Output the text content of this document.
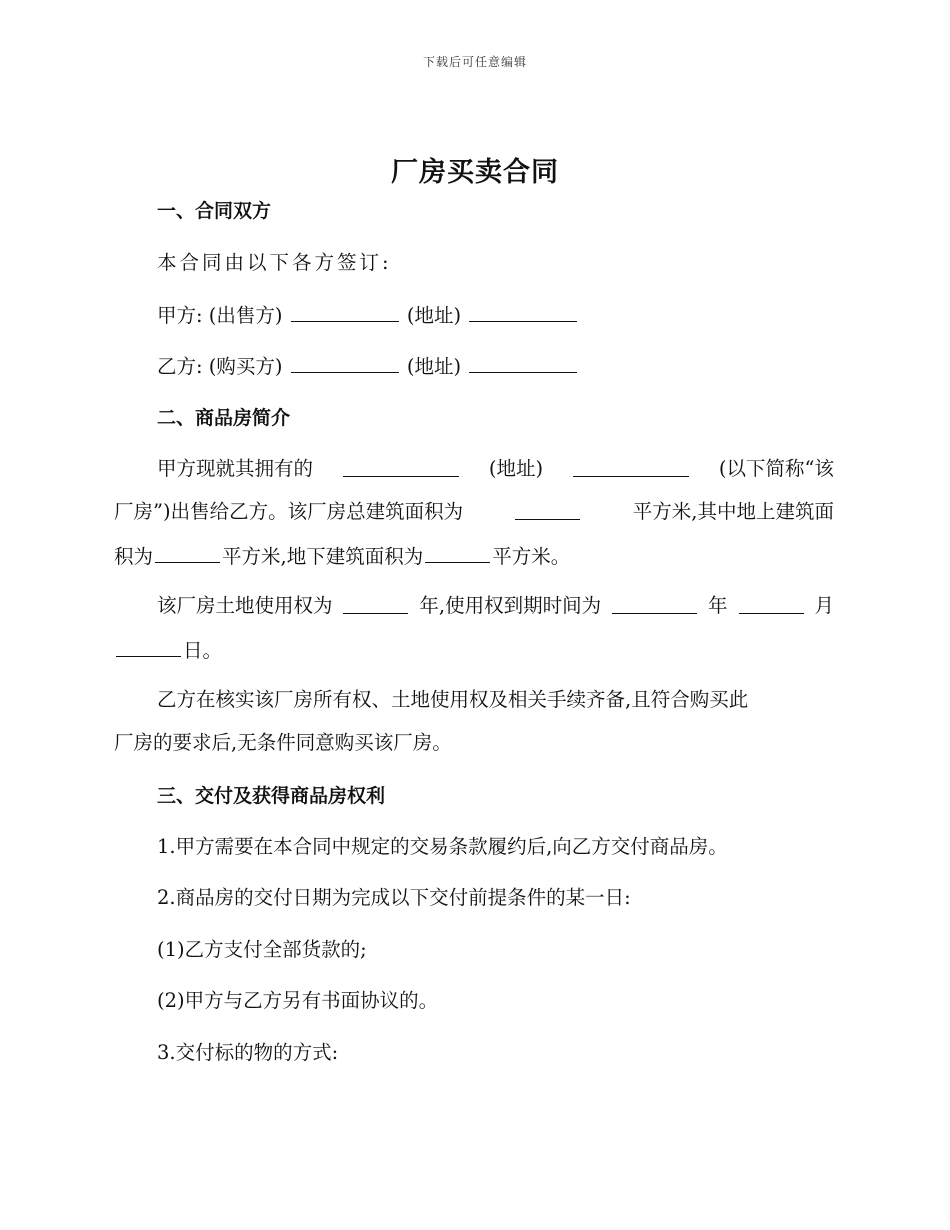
下载后可任意编辑
厂房买卖合同
一、合同双方
本合同由以下各方签订:
甲方: (出售方)	(地址)
乙方: (购买方)	(地址)
二、商品房简介
甲方现就其拥有的	(地址)	(以下简称“该
厂房”)出售给乙方。该厂房总建筑面积为	平方米,其中地上建筑面
积为	平方米,地下建筑面积为	平方米。
该厂房土地使用权为	年,使用权到期时间为	年	月
日。
乙方在核实该厂房所有权、土地使用权及相关手续齐备,且符合购买此
厂房的要求后,无条件同意购买该厂房。
三、交付及获得商品房权利
1.甲方需要在本合同中规定的交易条款履约后,向乙方交付商品房。
2.商品房的交付日期为完成以下交付前提条件的某一日:
(1)乙方支付全部货款的;
(2)甲方与乙方另有书面协议的。
3.交付标的物的方式:
